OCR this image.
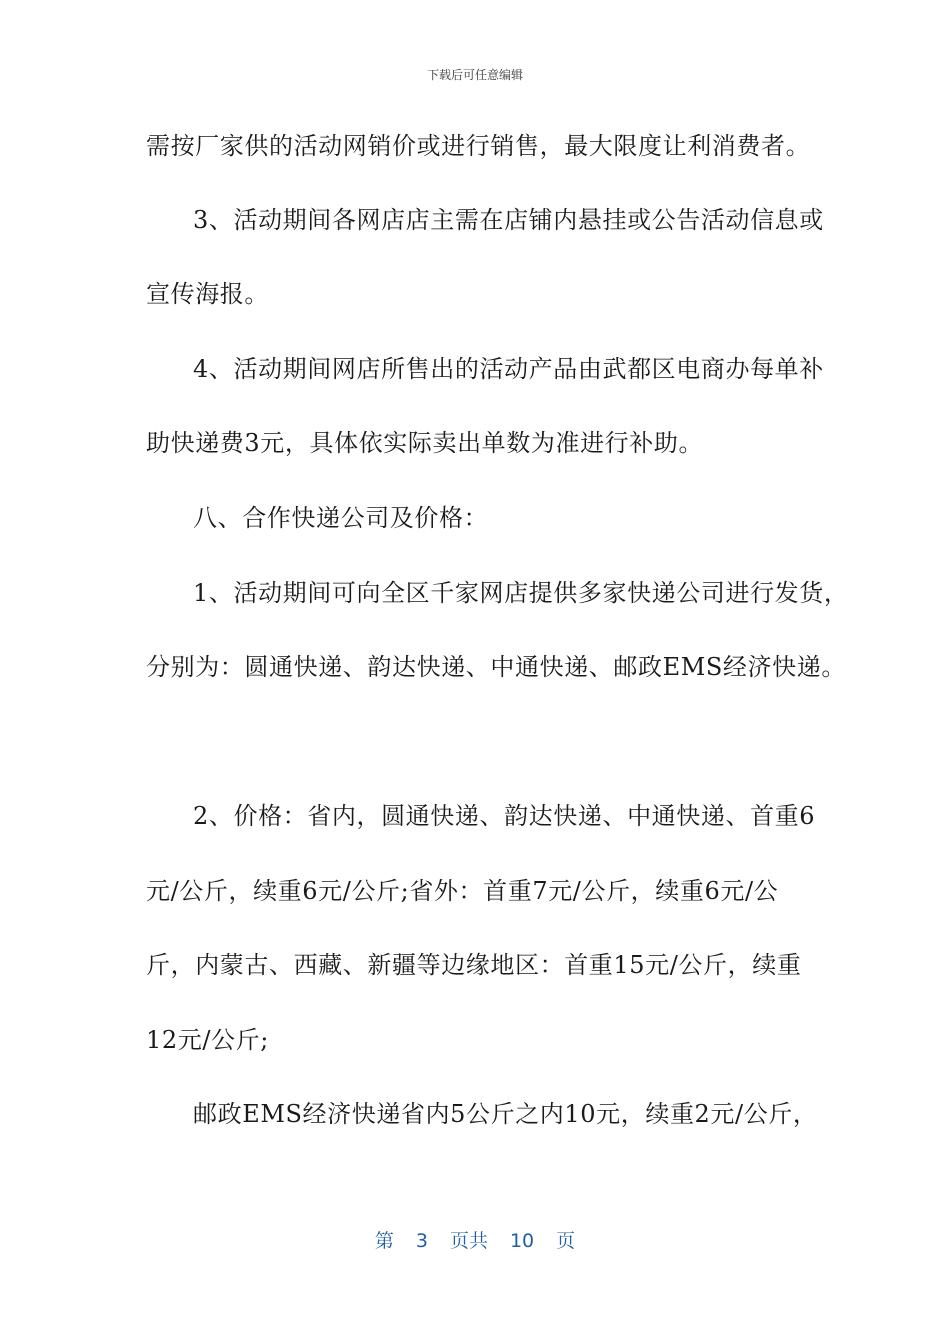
下载后可任意编辑
需按厂家供的活动网销价或进行销售，最大限度让利消费者。
3、活动期间各网店店主需在店铺内悬挂或公告活动信息或
宣传海报。
4、活动期间网店所售出的活动产品由武都区电商办每单补
助快递费3元，具体依实际卖出单数为准进行补助。
八、合作快递公司及价格：
1、活动期间可向全区千家网店提供多家快递公司进行发货，
分别为：圆通快递、韵达快递、中通快递、邮政EMS经济快递。
2、价格：省内，圆通快递、韵达快递、中通快递、首重6
元/公斤，续重6元/公斤;省外：首重7元/公斤，续重6元/公
斤，内蒙古、西藏、新疆等边缘地区：首重15元/公斤，续重
12元/公斤;
邮政EMS经济快递省内5公斤之内10元，续重2元/公斤，
第 3 页共 10 页
